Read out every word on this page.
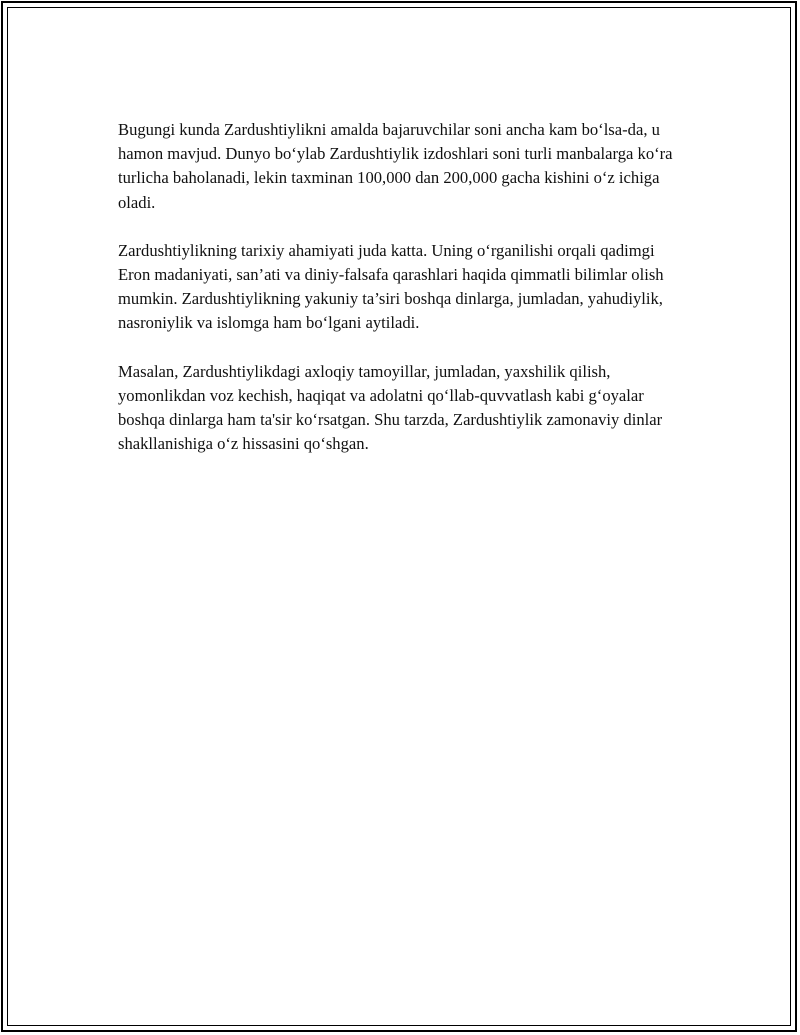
Bugungi kunda Zardushtiylikni amalda bajaruvchilar soni ancha kam bo‘lsa-da, u hamon mavjud. Dunyo bo‘ylab Zardushtiylik izdoshlari soni turli manbalarga ko‘ra turlicha baholanadi, lekin taxminan 100,000 dan 200,000 gacha kishini o‘z ichiga oladi.

Zardushtiylikning tarixiy ahamiyati juda katta. Uning o‘rganilishi orqali qadimgi Eron madaniyati, san’ati va diniy-falsafa qarashlari haqida qimmatli bilimlar olish mumkin. Zardushtiylikning yakuniy ta’siri boshqa dinlarga, jumladan, yahudiylik, nasroniylik va islomga ham bo‘lgani aytiladi.

Masalan, Zardushtiylikdagi axloqiy tamoyillar, jumladan, yaxshilik qilish, yomonlikdan voz kechish, haqiqat va adolatni qo‘llab-quvvatlash kabi g‘oyalar boshqa dinlarga ham ta'sir ko‘rsatgan. Shu tarzda, Zardushtiylik zamonaviy dinlar shakllanishiga o‘z hissasini qo‘shgan.
